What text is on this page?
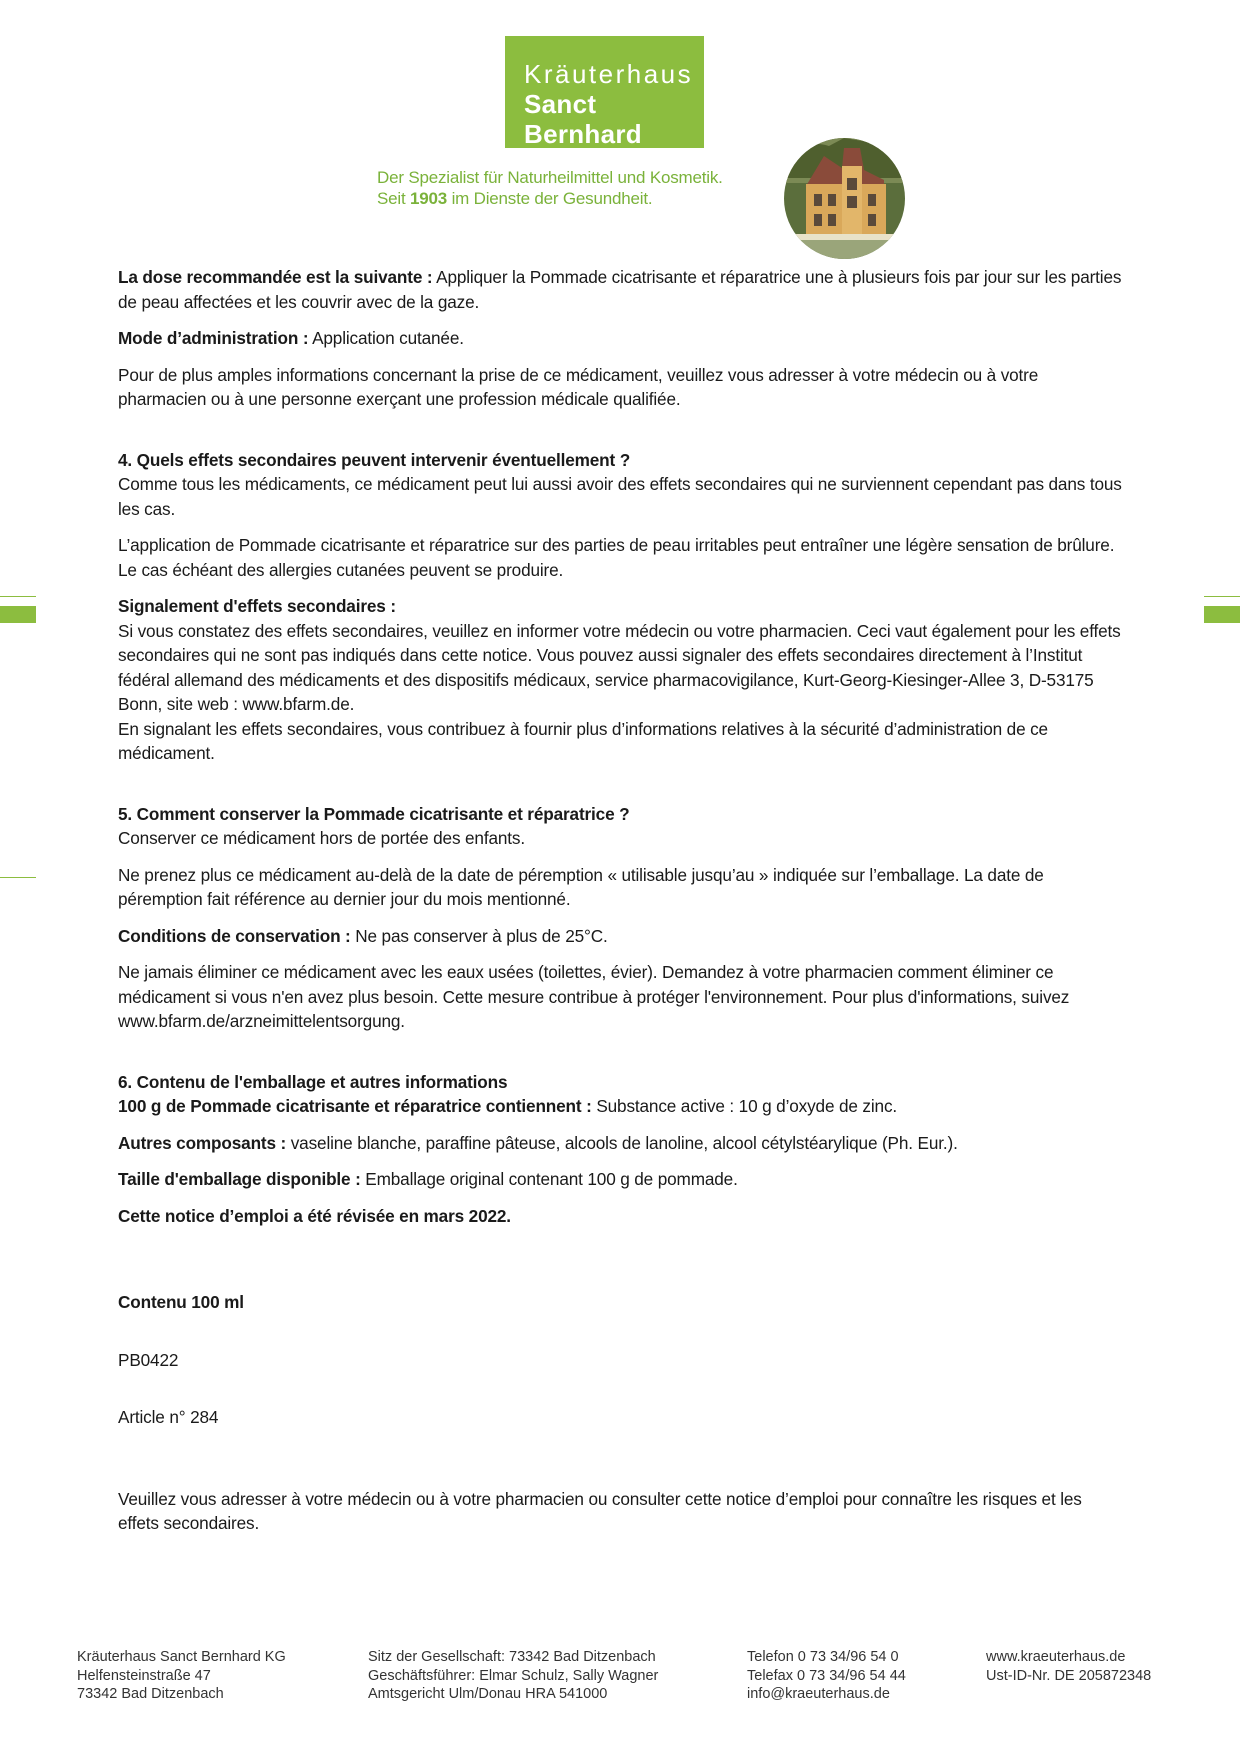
Kräuterhaus
Sanct Bernhard
Der Spezialist für Naturheilmittel und Kosmetik.
Seit 1903 im Dienste der Gesundheit.

La dose recommandée est la suivante : Appliquer la Pommade cicatrisante et réparatrice une à plusieurs fois par jour sur les parties de peau affectées et les couvrir avec de la gaze.

Mode d’administration : Application cutanée.

Pour de plus amples informations concernant la prise de ce médicament, veuillez vous adresser à votre médecin ou à votre pharmacien ou à une personne exerçant une profession médicale qualifiée.

4. Quels effets secondaires peuvent intervenir éventuellement ?
Comme tous les médicaments, ce médicament peut lui aussi avoir des effets secondaires qui ne surviennent cependant pas dans tous les cas.

L’application de Pommade cicatrisante et réparatrice sur des parties de peau irritables peut entraîner une légère sensation de brûlure. Le cas échéant des allergies cutanées peuvent se produire.

Signalement d'effets secondaires :
Si vous constatez des effets secondaires, veuillez en informer votre médecin ou votre pharmacien. Ceci vaut également pour les effets secondaires qui ne sont pas indiqués dans cette notice. Vous pouvez aussi signaler des effets secondaires directement à l’Institut fédéral allemand des médicaments et des dispositifs médicaux, service pharmacovigilance, Kurt-Georg-Kiesinger-Allee 3, D-53175 Bonn, site web : www.bfarm.de.
En signalant les effets secondaires, vous contribuez à fournir plus d’informations relatives à la sécurité d’administration de ce médicament.

5. Comment conserver la Pommade cicatrisante et réparatrice ?
Conserver ce médicament hors de portée des enfants.

Ne prenez plus ce médicament au-delà de la date de péremption « utilisable jusqu’au » indiquée sur l’emballage. La date de péremption fait référence au dernier jour du mois mentionné.

Conditions de conservation : Ne pas conserver à plus de 25°C.

Ne jamais éliminer ce médicament avec les eaux usées (toilettes, évier). Demandez à votre pharmacien comment éliminer ce médicament si vous n'en avez plus besoin. Cette mesure contribue à protéger l'environnement. Pour plus d'informations, suivez www.bfarm.de/arzneimittelentsorgung.

6. Contenu de l'emballage et autres informations
100 g de Pommade cicatrisante et réparatrice contiennent : Substance active : 10 g d’oxyde de zinc.

Autres composants : vaseline blanche, paraffine pâteuse, alcools de lanoline, alcool cétylstéarylique (Ph. Eur.).

Taille d'emballage disponible : Emballage original contenant 100 g de pommade.

Cette notice d’emploi a été révisée en mars 2022.

Contenu 100 ml

PB0422

Article n° 284

Veuillez vous adresser à votre médecin ou à votre pharmacien ou consulter cette notice d’emploi pour connaître les risques et les effets secondaires.

Kräuterhaus Sanct Bernhard KG
Helfensteinstraße 47
73342 Bad Ditzenbach
Sitz der Gesellschaft: 73342 Bad Ditzenbach
Geschäftsführer: Elmar Schulz, Sally Wagner
Amtsgericht Ulm/Donau HRA 541000
Telefon 0 73 34/96 54 0
Telefax 0 73 34/96 54 44
info@kraeuterhaus.de
www.kraeuterhaus.de
Ust-ID-Nr. DE 205872348
